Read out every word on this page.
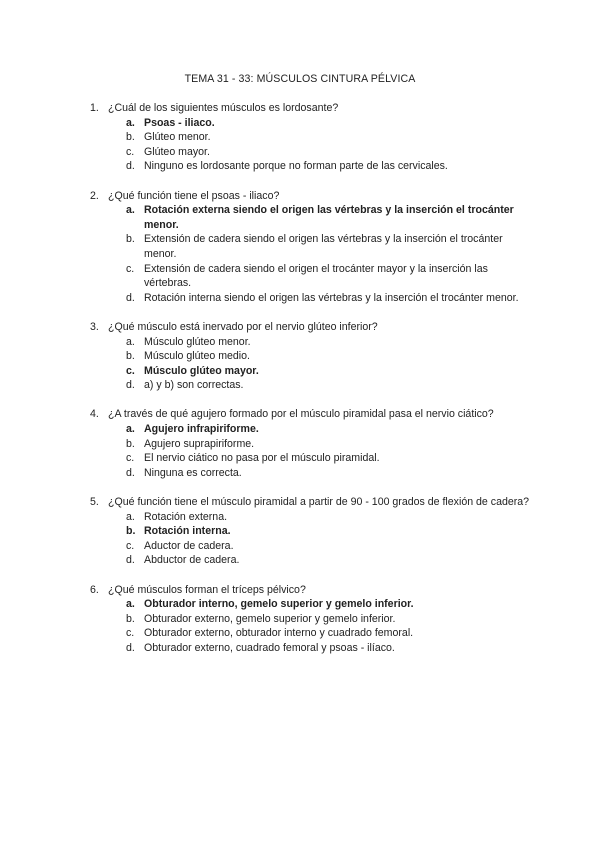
TEMA 31 - 33: MÚSCULOS CINTURA PÉLVICA
1. ¿Cuál de los siguientes músculos es lordosante?
a. Psoas - iliaco.
b. Glúteo menor.
c. Glúteo mayor.
d. Ninguno es lordosante porque no forman parte de las cervicales.
2. ¿Qué función tiene el psoas - iliaco?
a. Rotación externa siendo el origen las vértebras y la inserción el trocánter menor.
b. Extensión de cadera siendo el origen las vértebras y la inserción el trocánter menor.
c. Extensión de cadera siendo el origen el trocánter mayor y la inserción las vértebras.
d. Rotación interna siendo el origen las vértebras y la inserción el trocánter menor.
3. ¿Qué músculo está inervado por el nervio glúteo inferior?
a. Músculo glúteo menor.
b. Músculo glúteo medio.
c. Músculo glúteo mayor.
d. a) y b) son correctas.
4. ¿A través de qué agujero formado por el músculo piramidal pasa el nervio ciático?
a. Agujero infrapiriforme.
b. Agujero suprapiriforme.
c. El nervio ciático no pasa por el músculo piramidal.
d. Ninguna es correcta.
5. ¿Qué función tiene el músculo piramidal a partir de 90 - 100 grados de flexión de cadera?
a. Rotación externa.
b. Rotación interna.
c. Aductor de cadera.
d. Abductor de cadera.
6. ¿Qué músculos forman el tríceps pélvico?
a. Obturador interno, gemelo superior y gemelo inferior.
b. Obturador externo, gemelo superior y gemelo inferior.
c. Obturador externo, obturador interno y cuadrado femoral.
d. Obturador externo, cuadrado femoral y psoas - ilíaco.
